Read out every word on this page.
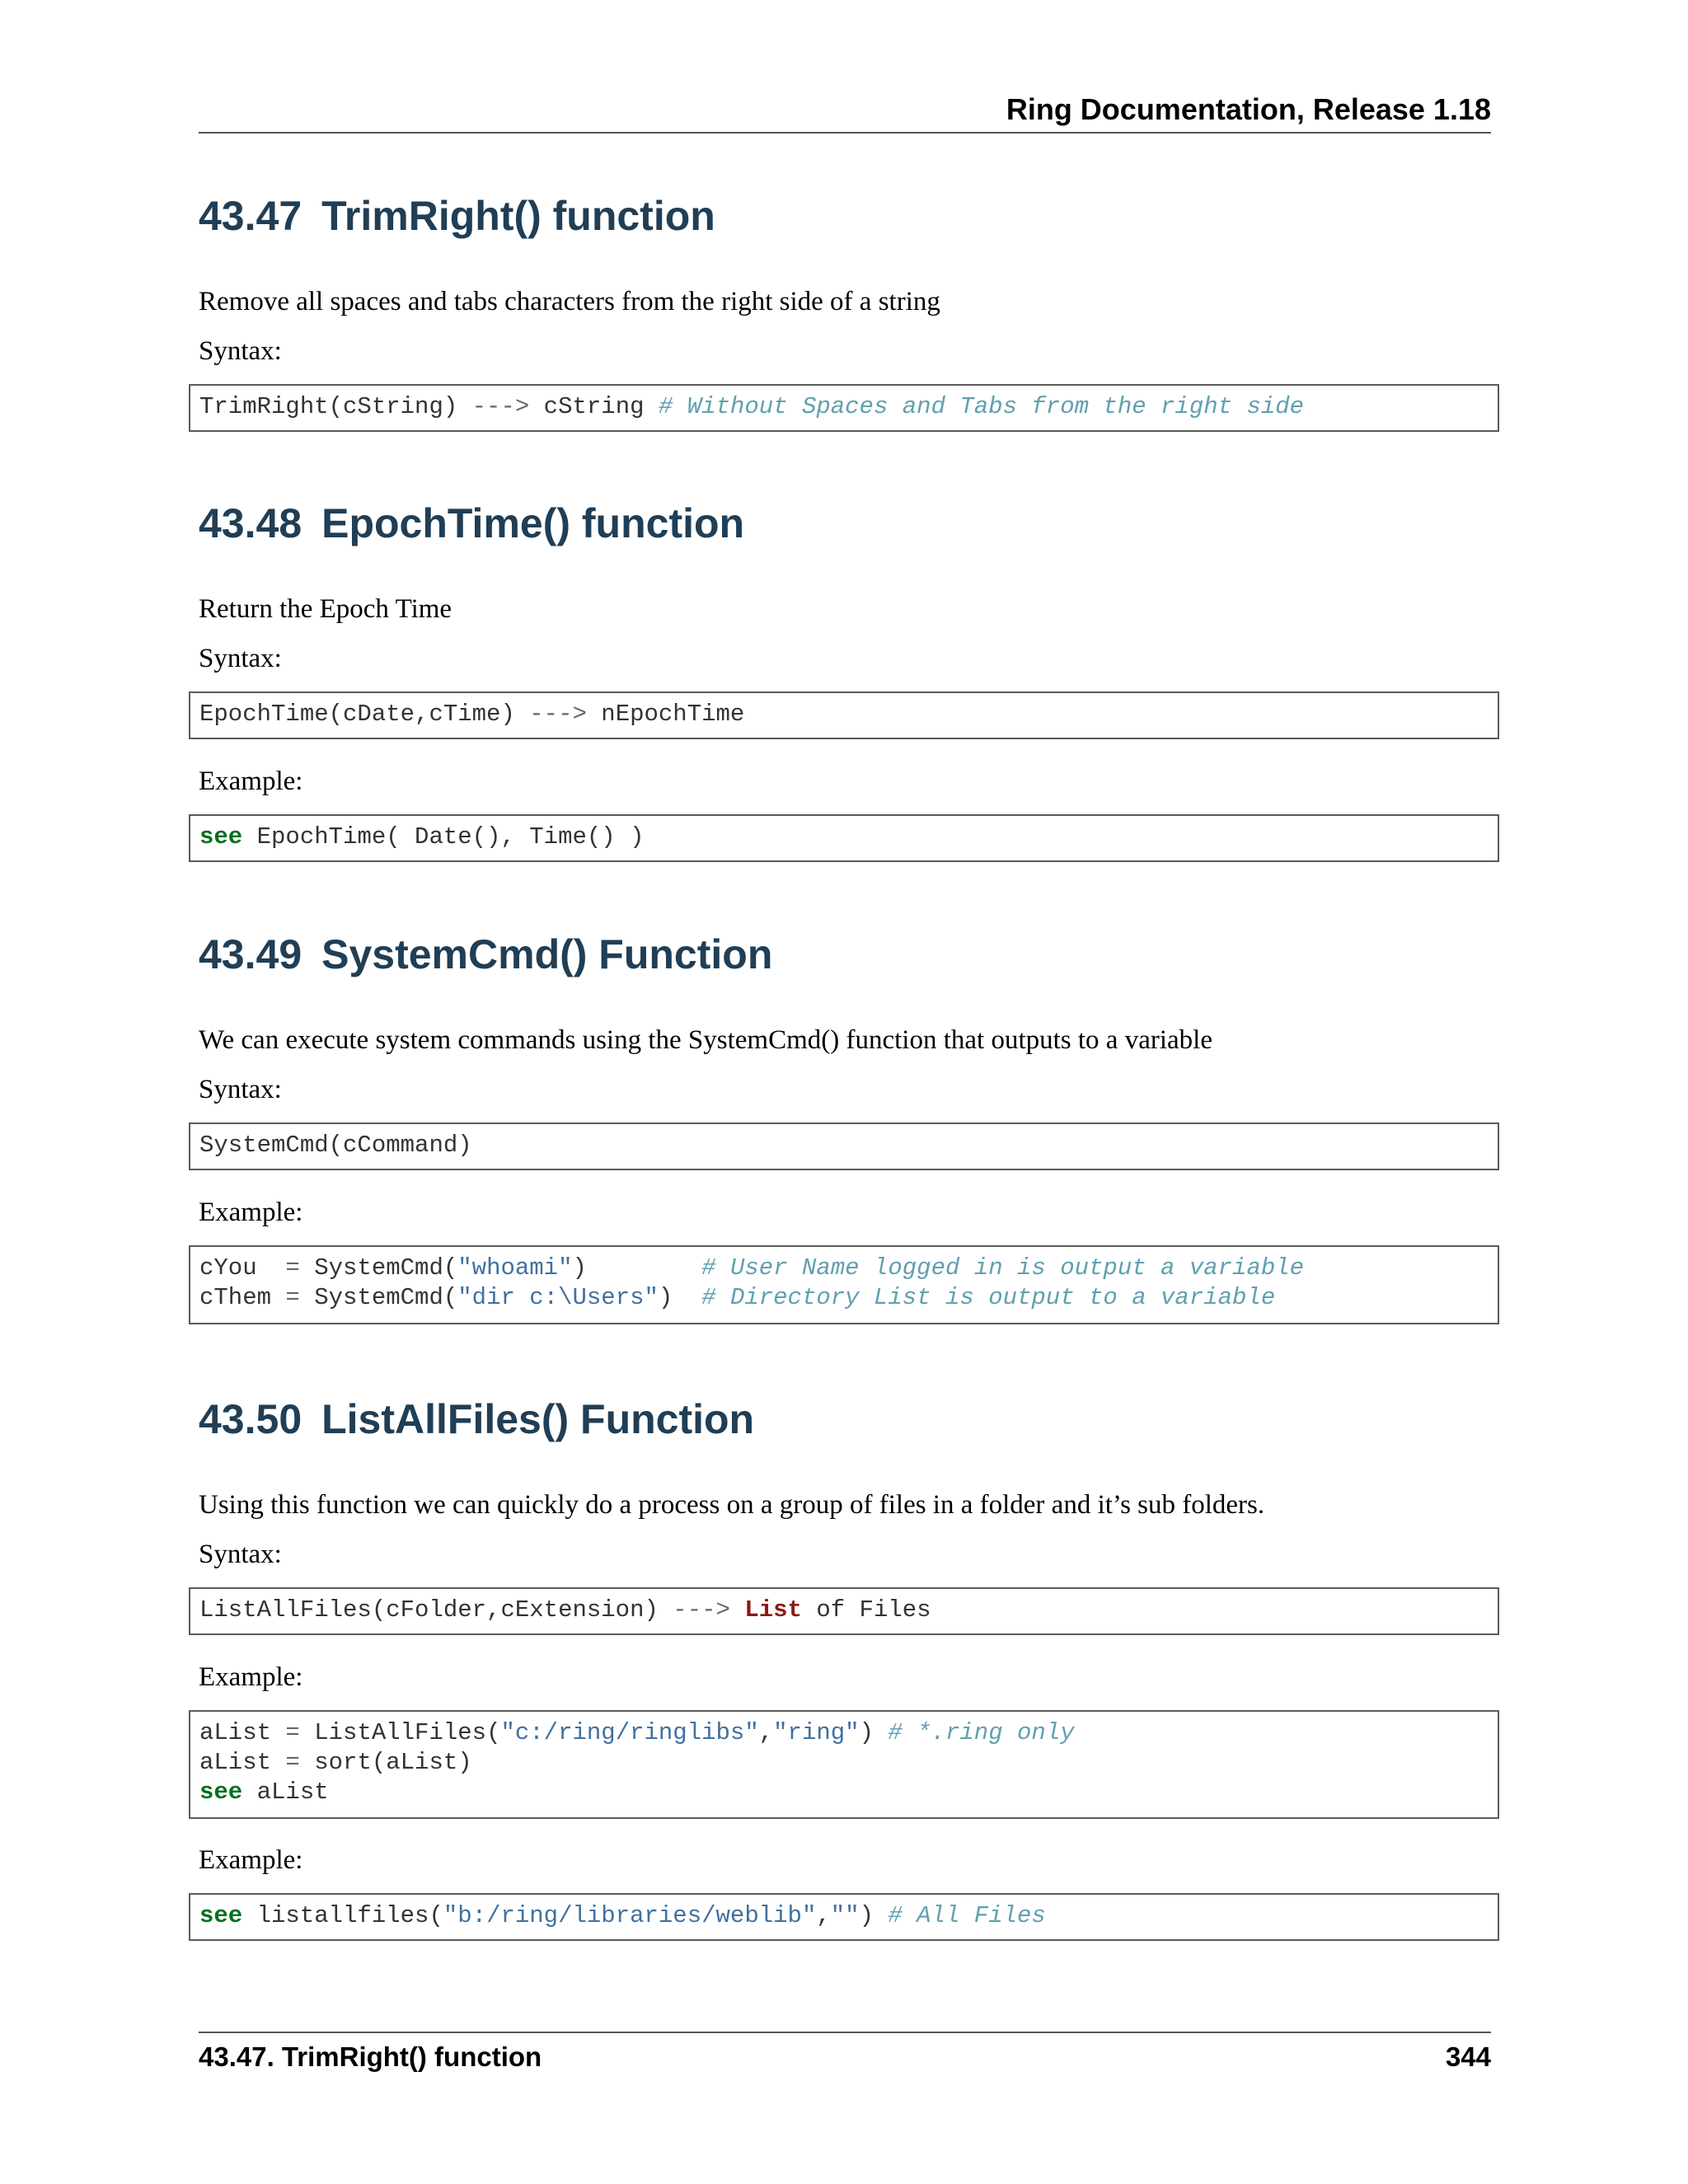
Ring Documentation, Release 1.18
43.47 TrimRight() function

Remove all spaces and tabs characters from the right side of a string

Syntax:

TrimRight(cString) ---> cString # Without Spaces and Tabs from the right side
43.48 EpochTime() function

Return the Epoch Time

Syntax:

EpochTime(cDate,cTime) ---> nEpochTime

Example:

see EpochTime( Date(), Time() )
43.49 SystemCmd() Function

We can execute system commands using the SystemCmd() function that outputs to a variable

Syntax:

SystemCmd(cCommand)

Example:

cYou  = SystemCmd("whoami")        # User Name logged in is output a variable
cThem = SystemCmd("dir c:\Users")  # Directory List is output to a variable
43.50 ListAllFiles() Function

Using this function we can quickly do a process on a group of files in a folder and it’s sub folders.

Syntax:

ListAllFiles(cFolder,cExtension) ---> List of Files

Example:

aList = ListAllFiles("c:/ring/ringlibs","ring") # *.ring only
aList = sort(aList)
see aList

Example:

see listallfiles("b:/ring/libraries/weblib","") # All Files
43.47. TrimRight() function	344
